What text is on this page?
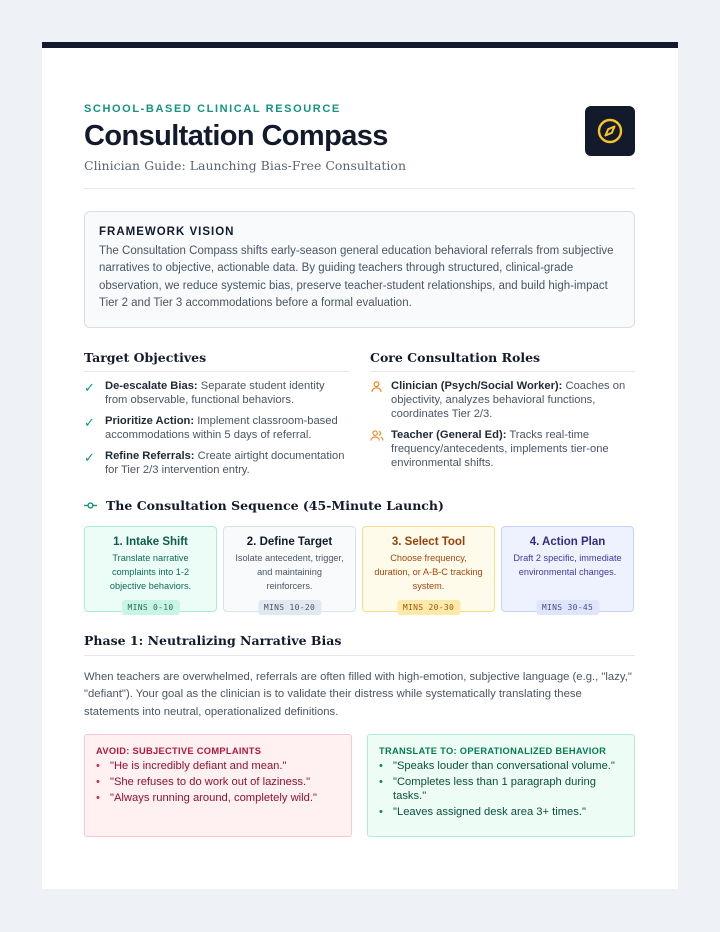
SCHOOL-BASED CLINICAL RESOURCE
Consultation Compass
Clinician Guide: Launching Bias-Free Consultation
FRAMEWORK VISION

The Consultation Compass shifts early-season general education behavioral referrals from subjective narratives to objective, actionable data. By guiding teachers through structured, clinical-grade observation, we reduce systemic bias, preserve teacher-student relationships, and build high-impact Tier 2 and Tier 3 accommodations before a formal evaluation.

Target Objectives
✓ De-escalate Bias: Separate student identity from observable, functional behaviors.
✓ Prioritize Action: Implement classroom-based accommodations within 5 days of referral.
✓ Refine Referrals: Create airtight documentation for Tier 2/3 intervention entry.
Core Consultation Roles
Clinician (Psych/Social Worker): Coaches on objectivity, analyzes behavioral functions, coordinates Tier 2/3.
Teacher (General Ed): Tracks real-time frequency/antecedents, implements tier-one environmental shifts.
The Consultation Sequence (45-Minute Launch)
1. Intake Shift
Translate narrative complaints into 1-2 objective behaviors.
MINS 0-10
2. Define Target
Isolate antecedent, trigger, and maintaining reinforcers.
MINS 10-20
3. Select Tool
Choose frequency, duration, or A-B-C tracking system.
MINS 20-30
4. Action Plan
Draft 2 specific, immediate environmental changes.
MINS 30-45
Phase 1: Neutralizing Narrative Bias

When teachers are overwhelmed, referrals are often filled with high-emotion, subjective language (e.g., "lazy," "defiant"). Your goal as the clinician is to validate their distress while systematically translating these statements into neutral, operationalized definitions.

AVOID: SUBJECTIVE COMPLAINTS
• "He is incredibly defiant and mean."
• "She refuses to do work out of laziness."
• "Always running around, completely wild."
TRANSLATE TO: OPERATIONALIZED BEHAVIOR
• "Speaks louder than conversational volume."
• "Completes less than 1 paragraph during tasks."
• "Leaves assigned desk area 3+ times."
